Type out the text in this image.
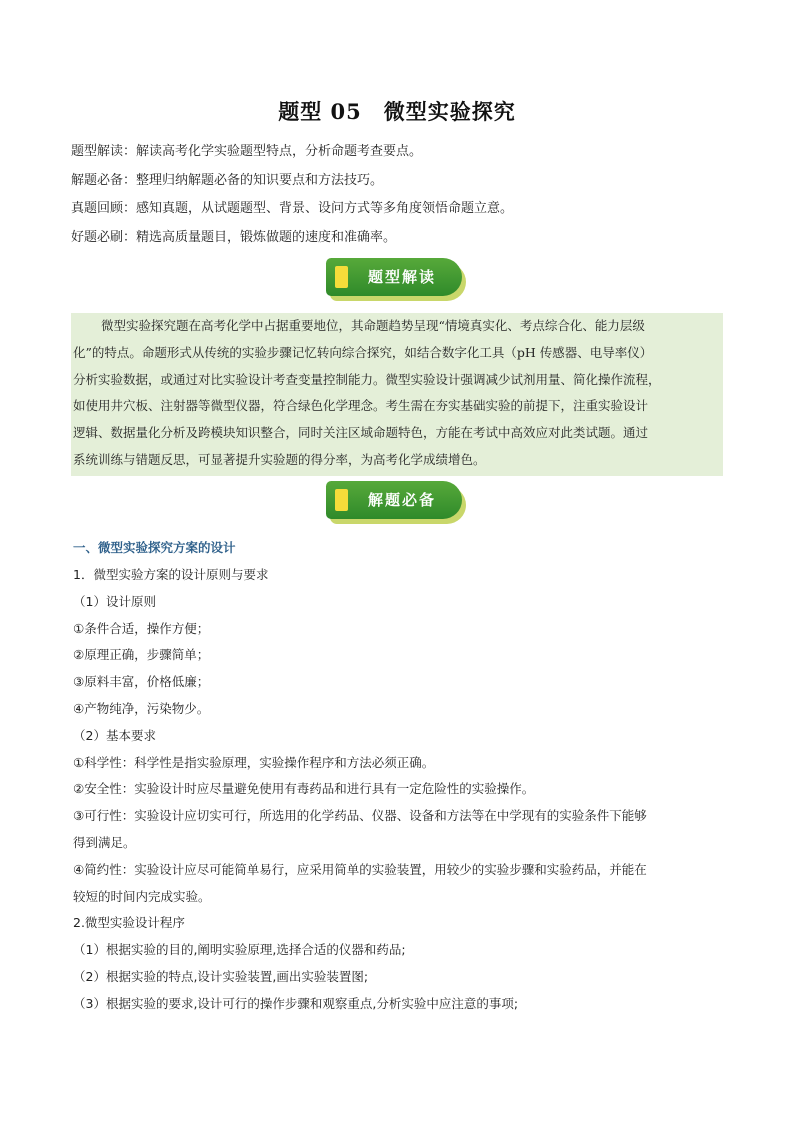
题型 05　微型实验探究
题型解读：解读高考化学实验题型特点，分析命题考查要点。
解题必备：整理归纳解题必备的知识要点和方法技巧。
真题回顾：感知真题，从试题题型、背景、设问方式等多角度领悟命题立意。
好题必刷：精选高质量题目，锻炼做题的速度和准确率。
题型解读
微型实验探究题在高考化学中占据重要地位，其命题趋势呈现“情境真实化、考点综合化、能力层级
化”的特点。命题形式从传统的实验步骤记忆转向综合探究，如结合数字化工具（pH 传感器、电导率仪）
分析实验数据，或通过对比实验设计考查变量控制能力。微型实验设计强调减少试剂用量、简化操作流程，
如使用井穴板、注射器等微型仪器，符合绿色化学理念。考生需在夯实基础实验的前提下，注重实验设计
逻辑、数据量化分析及跨模块知识整合，同时关注区域命题特色，方能在考试中高效应对此类试题。通过
系统训练与错题反思，可显著提升实验题的得分率，为高考化学成绩增色。
解题必备
一、微型实验探究方案的设计
1．微型实验方案的设计原则与要求
（1）设计原则
①条件合适，操作方便；
②原理正确，步骤简单；
③原料丰富，价格低廉；
④产物纯净，污染物少。
（2）基本要求
①科学性：科学性是指实验原理，实验操作程序和方法必须正确。
②安全性：实验设计时应尽量避免使用有毒药品和进行具有一定危险性的实验操作。
③可行性：实验设计应切实可行，所选用的化学药品、仪器、设备和方法等在中学现有的实验条件下能够
得到满足。
④简约性：实验设计应尽可能简单易行，应采用简单的实验装置，用较少的实验步骤和实验药品，并能在
较短的时间内完成实验。
2.微型实验设计程序
（1）根据实验的目的,阐明实验原理,选择合适的仪器和药品;
（2）根据实验的特点,设计实验装置,画出实验装置图;
（3）根据实验的要求,设计可行的操作步骤和观察重点,分析实验中应注意的事项;
